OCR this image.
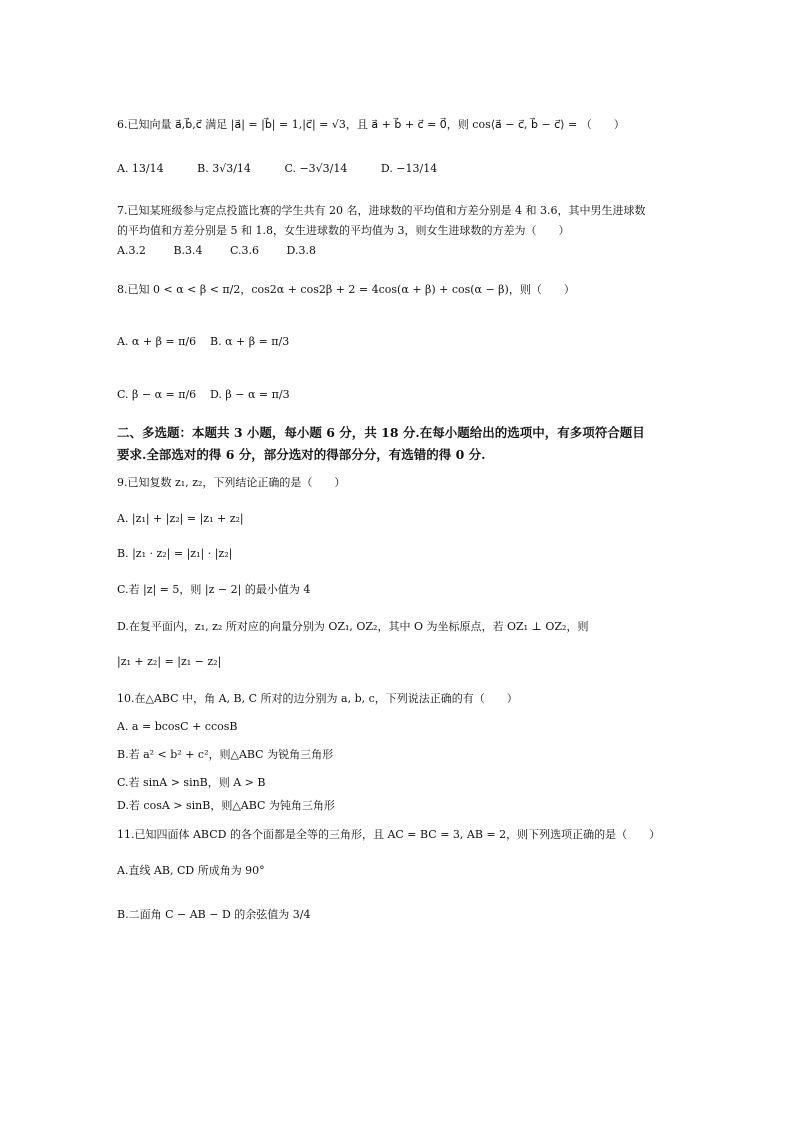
6.已知向量 a⃗,b⃗,c⃗ 满足 |a⃗| = |b⃗| = 1,|c⃗| = √3，且 a⃗ + b⃗ + c⃗ = 0⃗，则 cos⟨a⃗ − c⃗, b⃗ − c⃗⟩ = （　　）
A. 13/14	B. 3√3/14	C. −3√3/14	D. −13/14
7.已知某班级参与定点投篮比赛的学生共有 20 名，进球数的平均值和方差分别是 4 和 3.6，其中男生进球数
的平均值和方差分别是 5 和 1.8，女生进球数的平均值为 3，则女生进球数的方差为（　　）
A.3.2	B.3.4	C.3.6	D.3.8
8.已知 0 < α < β < π/2，cos2α + cos2β + 2 = 4cos(α + β) + cos(α − β)，则（　　）
A. α + β = π/6 B. α + β = π/3
C. β − α = π/6 D. β − α = π/3
二、多选题：本题共 3 小题，每小题 6 分，共 18 分.在每小题给出的选项中，有多项符合题目
要求.全部选对的得 6 分，部分选对的得部分分，有选错的得 0 分.
9.已知复数 z₁, z₂，下列结论正确的是（　　）
A. |z₁| + |z₂| = |z₁ + z₂|
B. |z₁ · z₂| = |z₁| · |z₂|
C.若 |z| = 5，则 |z − 2| 的最小值为 4
D.在复平面内，z₁, z₂ 所对应的向量分别为 OZ₁, OZ₂，其中 O 为坐标原点，若 OZ₁ ⊥ OZ₂，则
|z₁ + z₂| = |z₁ − z₂|
10.在△ABC 中，角 A, B, C 所对的边分别为 a, b, c，下列说法正确的有（　　）
A. a = bcosC + ccosB
B.若 a² < b² + c²，则△ABC 为锐角三角形
C.若 sinA > sinB，则 A > B
D.若 cosA > sinB，则△ABC 为钝角三角形
11.已知四面体 ABCD 的各个面都是全等的三角形，且 AC = BC = 3, AB = 2，则下列选项正确的是（　　）
A.直线 AB, CD 所成角为 90°
B.二面角 C − AB − D 的余弦值为 3/4
